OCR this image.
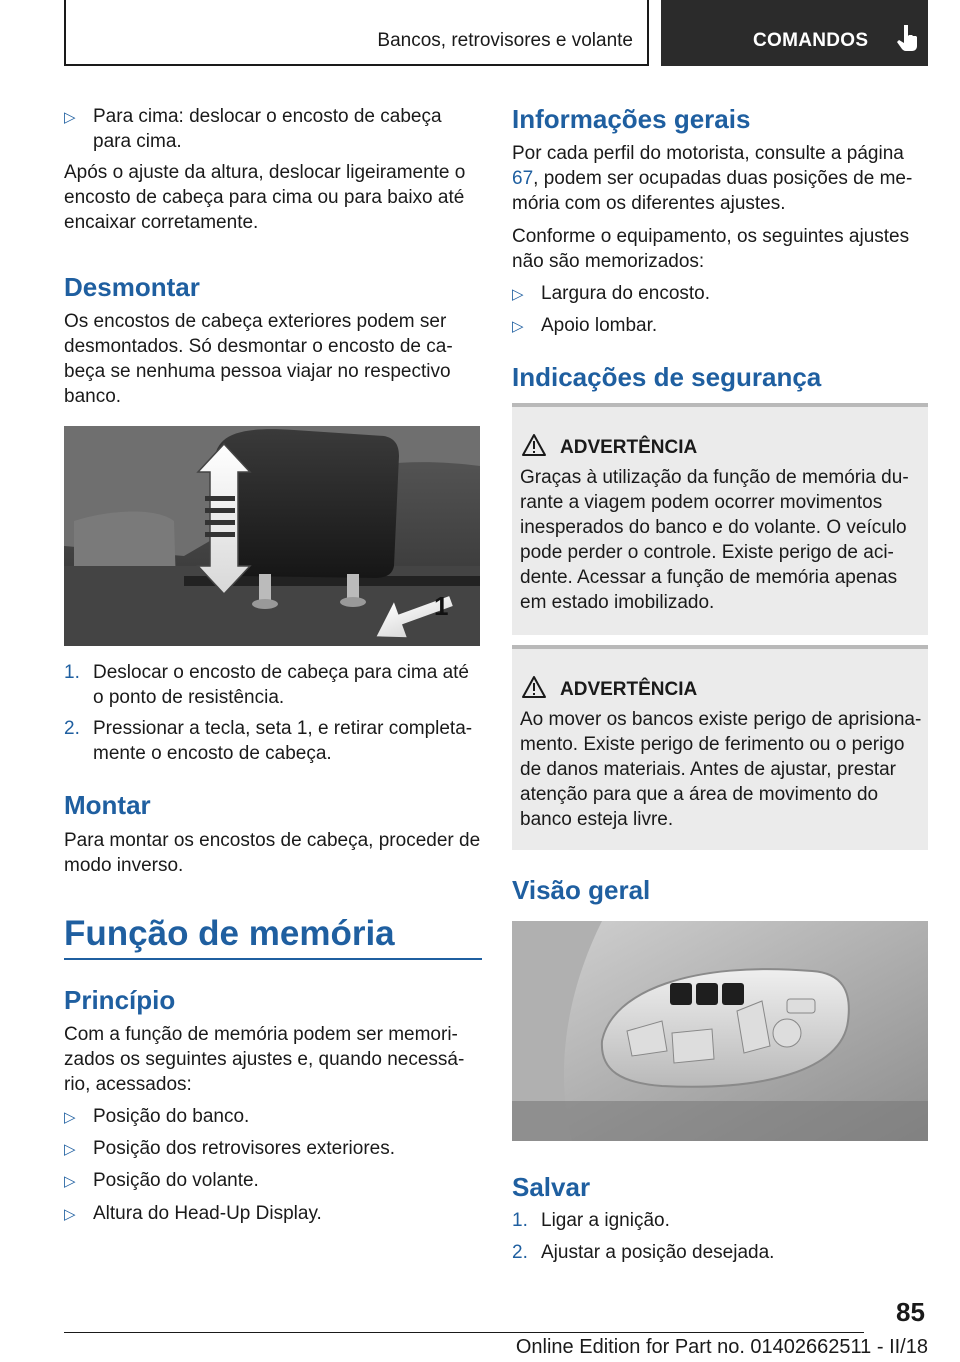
Bancos, retrovisores e volante	COMANDOS
▷ Para cima: deslocar o encosto de cabeça para cima.
Após o ajuste da altura, deslocar ligeiramente o encosto de cabeça para cima ou para baixo até encaixar corretamente.
Desmontar
Os encostos de cabeça exteriores podem ser desmontados. Só desmontar o encosto de ca-beça se nenhuma pessoa viajar no respectivo banco.
1
1. Deslocar o encosto de cabeça para cima até o ponto de resistência.
2. Pressionar a tecla, seta 1, e retirar completa-mente o encosto de cabeça.
Montar
Para montar os encostos de cabeça, proceder de modo inverso.
Função de memória
Princípio
Com a função de memória podem ser memori-zados os seguintes ajustes e, quando necessá-rio, acessados:
▷ Posição do banco.
▷ Posição dos retrovisores exteriores.
▷ Posição do volante.
▷ Altura do Head-Up Display.
Informações gerais
Por cada perfil do motorista, consulte a página
67, podem ser ocupadas duas posições de me-
mória com os diferentes ajustes.
Conforme o equipamento, os seguintes ajustes não são memorizados:
▷ Largura do encosto.
▷ Apoio lombar.
Indicações de segurança
ADVERTÊNCIA
Graças à utilização da função de memória du-rante a viagem podem ocorrer movimentos inesperados do banco e do volante. O veículo pode perder o controle. Existe perigo de aci-dente. Acessar a função de memória apenas em estado imobilizado.
ADVERTÊNCIA
Ao mover os bancos existe perigo de aprisiona-mento. Existe perigo de ferimento ou o perigo de danos materiais. Antes de ajustar, prestar atenção para que a área de movimento do banco esteja livre.
Visão geral
Salvar
1. Ligar a ignição.
2. Ajustar a posição desejada.
85
Online Edition for Part no. 01402662511 - II/18
